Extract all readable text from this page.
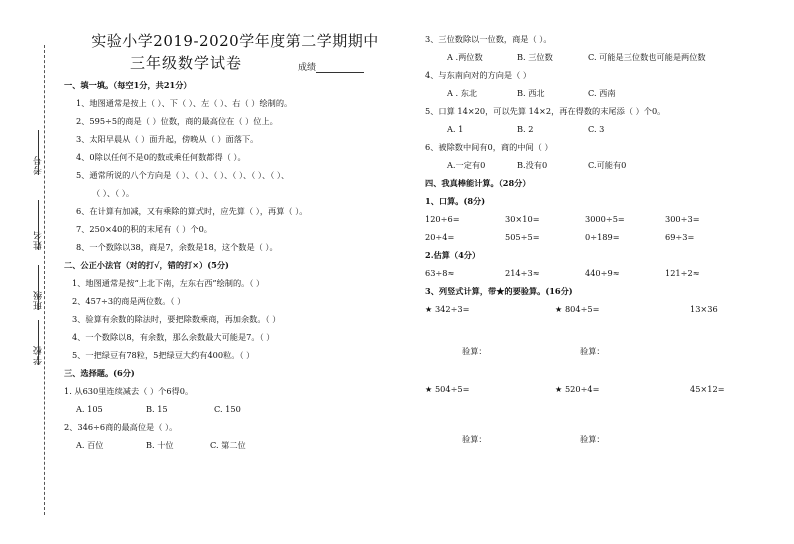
考号
姓名
班级
学校
实验小学2019-2020学年度第二学期期中
三年级数学试卷	成绩
一、填一填。（每空1分，共21分）
1、地图通常是按上（ ）、下（ ）、左（ ）、右（ ）绘制的。
2、595÷5的商是（ ）位数，商的最高位在（ ）位上。
3、太阳早晨从（ ）面升起，傍晚从（ ）面落下。
4、0除以任何不是0的数或乘任何数都得（ ）。
5、通常所说的八个方向是（ ）、（ ）、（ ）、（ ）、（ ）、（ ）、
（ ）、（ ）。
6、在计算有加减，又有乘除的算式时，应先算（ ），再算（ ）。
7、250×40的积的末尾有（ ）个0。
8、一个数除以38，商是7，余数是18，这个数是（ ）。
二、公正小法官（对的打√，错的打×）(5分)
1、地图通常是按“上北下南，左东右西”绘制的。（ ）
2、457÷3的商是两位数。（ ）
3、验算有余数的除法时，要把除数乘商，再加余数。（ ）
4、一个数除以8，有余数，那么余数最大可能是7。（ ）
5、一把绿豆有78粒，5把绿豆大约有400粒。（ ）
三、选择题。(6分)
1. 从630里连续减去（ ）个6得0。
A. 105	B. 15	C. 150
2、346÷6商的最高位是（ ）。
A. 百位	B. 十位	C. 第二位
3、三位数除以一位数，商是（ ）。
A .两位数	B. 三位数	C. 可能是三位数也可能是两位数
4、与东南向对的方向是（ ）
A . 东北	B. 西北	C. 西南
5、口算 14×20，可以先算 14×2，再在得数的末尾添（ ）个0。
A. 1	B. 2	C. 3
6、被除数中间有0，商的中间（ ）
A.一定有0	B.没有0	C.可能有0
四、我真棒能计算。（28分）
1、口算。(8分)
120÷6=	30×10=	3000÷5=	300÷3=
20÷4=	505÷5=	0÷189=	69÷3=
2.估算（4分）
63÷8≈	214÷3≈	440÷9≈	121÷2≈
3、列竖式计算，带★的要验算。(16分)
★ 342÷3=	★ 804÷5=	13×36
验算：	验算：
★ 504÷5=	★ 520÷4=	45×12=
验算：	验算：
